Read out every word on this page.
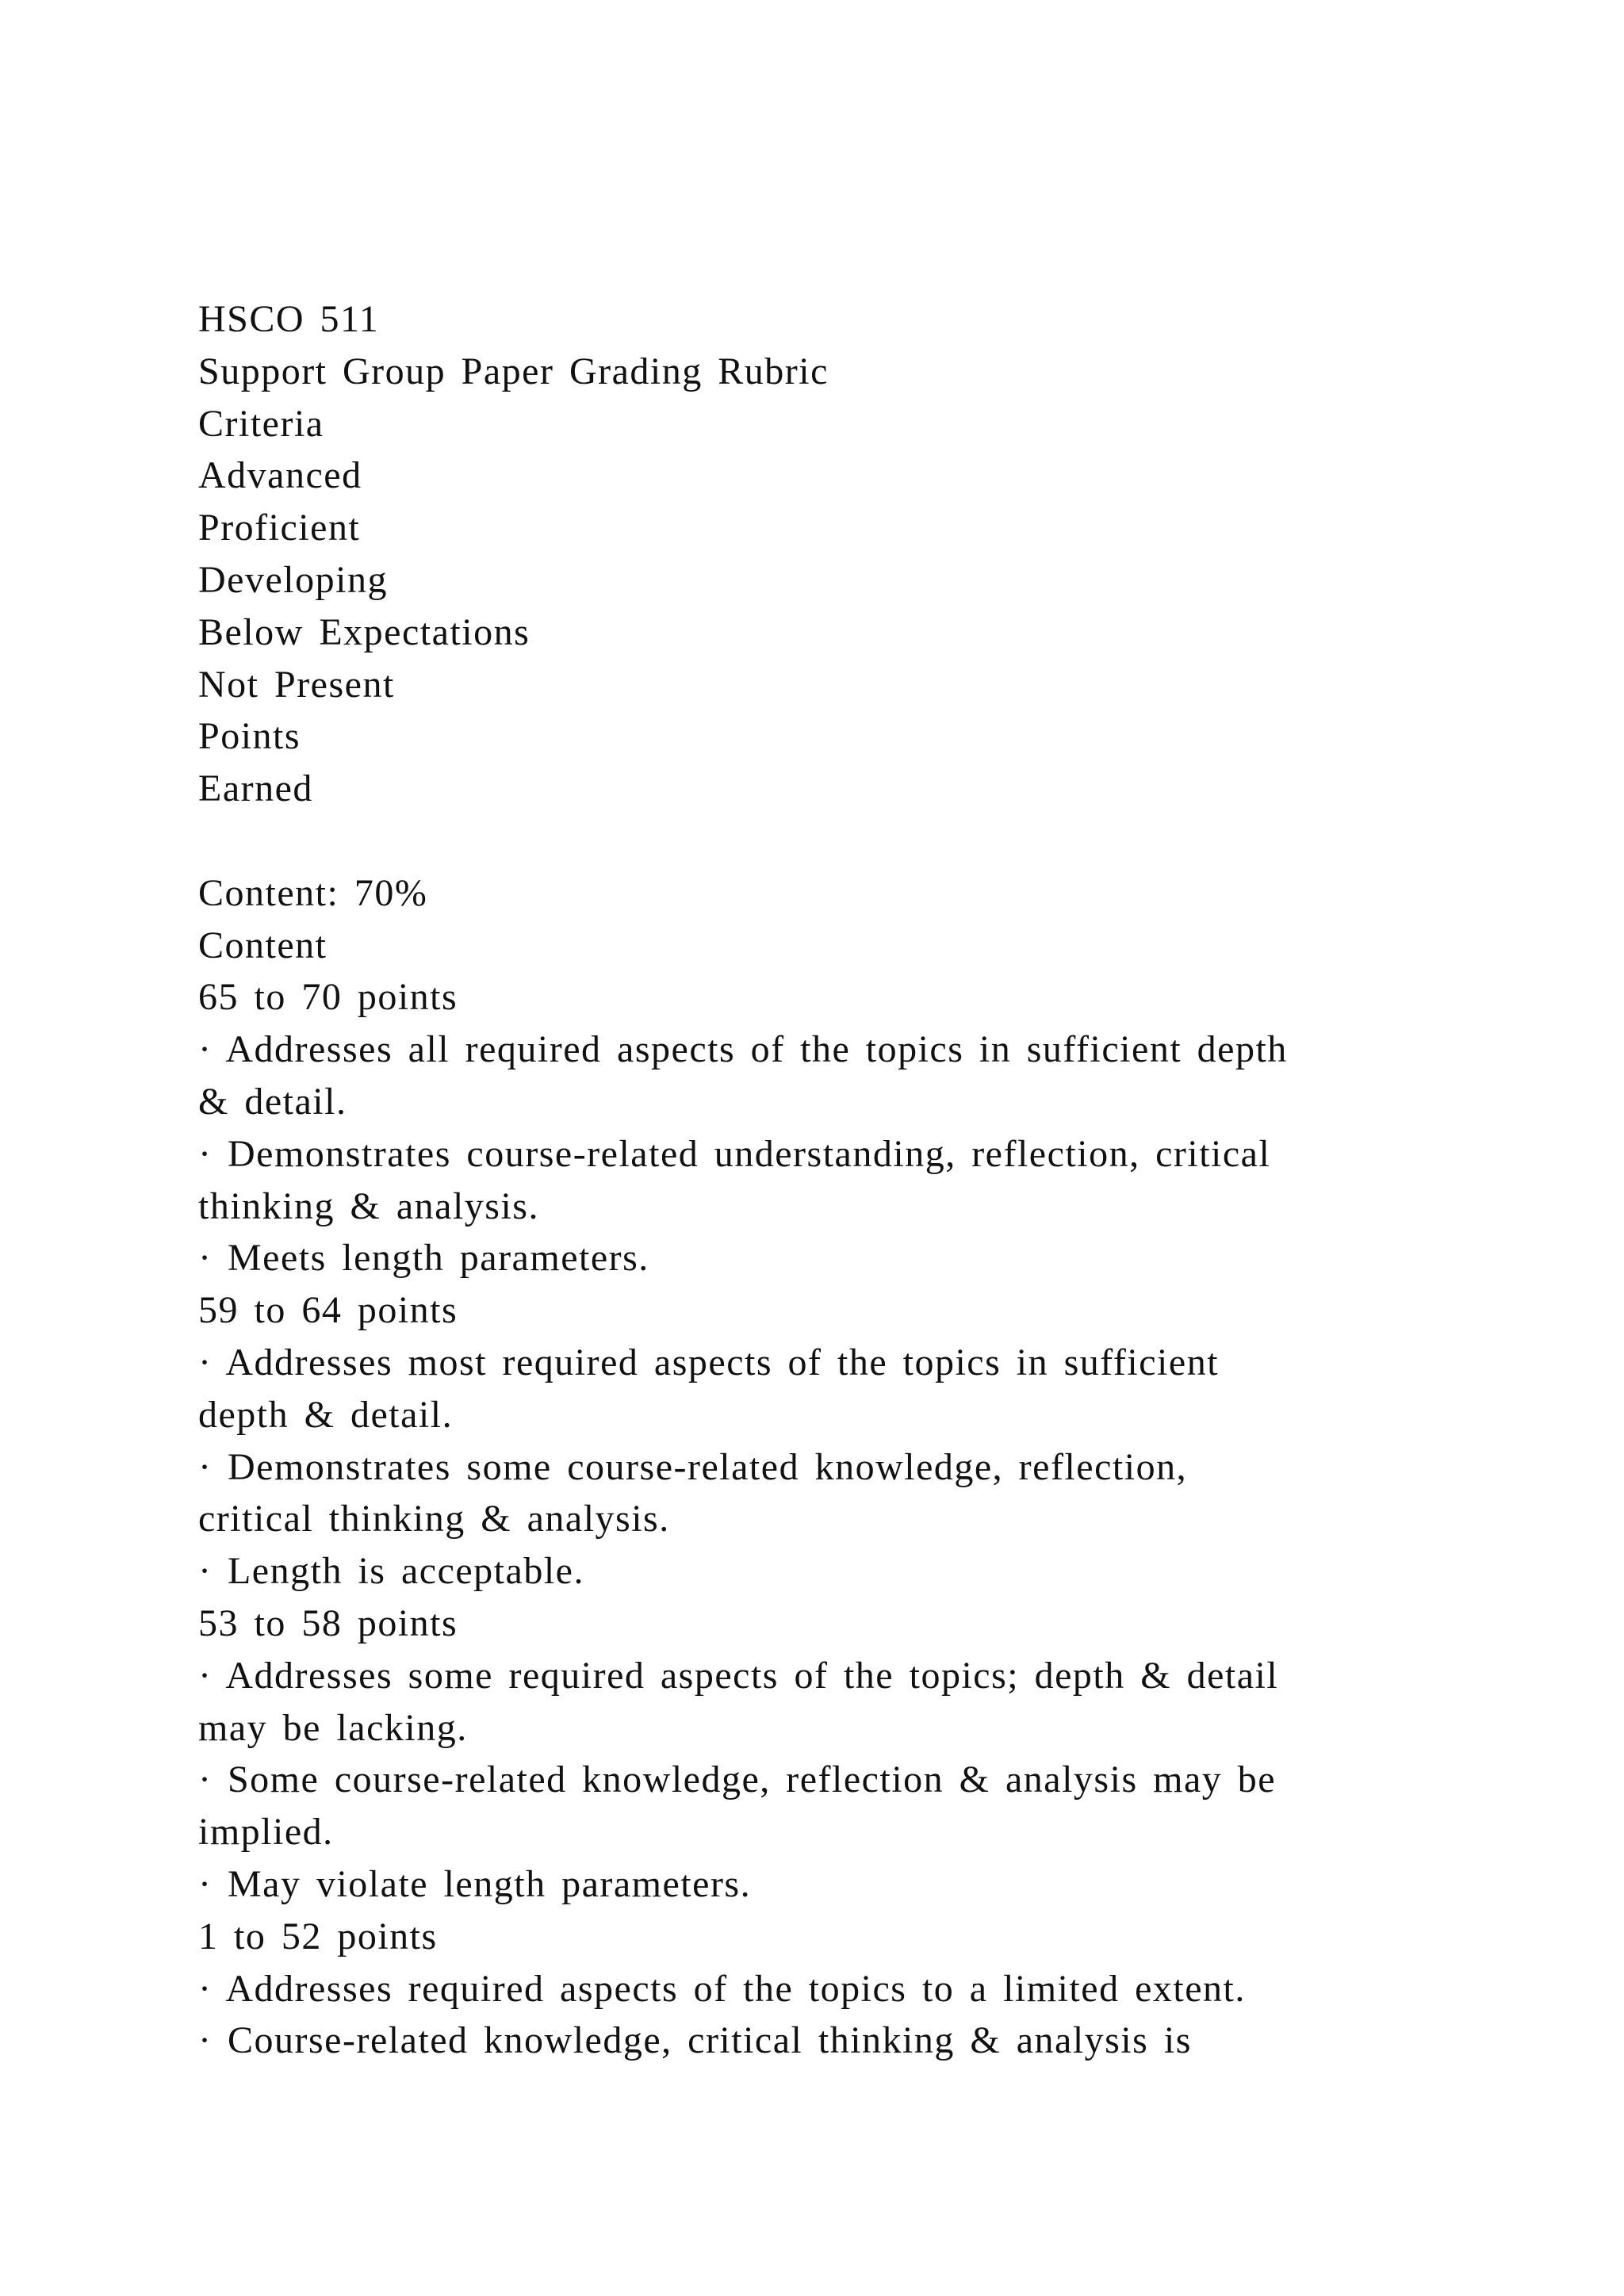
HSCO 511
Support Group Paper Grading Rubric
Criteria
Advanced
Proficient
Developing
Below Expectations
Not Present
Points
Earned
Content: 70%
Content
65 to 70 points
· Addresses all required aspects of the topics in sufficient depth
& detail.
· Demonstrates course-related understanding, reflection, critical
thinking & analysis.
· Meets length parameters.
59 to 64 points
· Addresses most required aspects of the topics in sufficient
depth & detail.
· Demonstrates some course-related knowledge, reflection,
critical thinking & analysis.
· Length is acceptable.
53 to 58 points
· Addresses some required aspects of the topics; depth & detail
may be lacking.
· Some course-related knowledge, reflection & analysis may be
implied.
· May violate length parameters.
1 to 52 points
· Addresses required aspects of the topics to a limited extent.
· Course-related knowledge, critical thinking & analysis is
